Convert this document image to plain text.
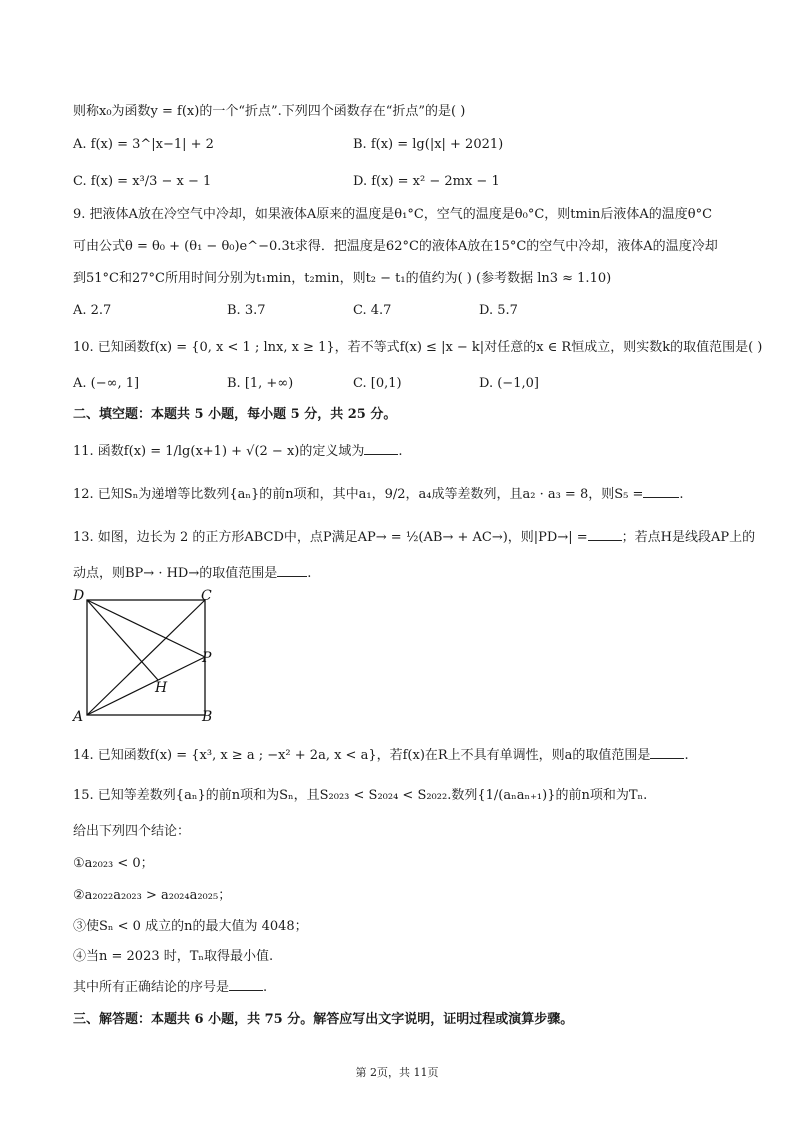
则称x₀为函数y = f(x)的一个“折点”.下列四个函数存在“折点”的是( )
A. f(x) = 3^|x−1| + 2	B. f(x) = lg(|x| + 2021)
C. f(x) = x³/3 − x − 1	D. f(x) = x² − 2mx − 1
9. 把液体A放在冷空气中冷却，如果液体A原来的温度是θ₁°C，空气的温度是θ₀°C，则tmin后液体A的温度θ°C
可由公式θ = θ₀ + (θ₁ − θ₀)e^−0.3t求得．把温度是62°C的液体A放在15°C的空气中冷却，液体A的温度冷却
到51°C和27°C所用时间分别为t₁min，t₂min，则t₂ − t₁的值约为( ) (参考数据 ln3 ≈ 1.10)
A. 2.7	B. 3.7	C. 4.7	D. 5.7
10. 已知函数f(x) = {0, x < 1 ; lnx, x ≥ 1}，若不等式f(x) ≤ |x − k|对任意的x ∈ R恒成立，则实数k的取值范围是( )
A. (−∞, 1]	B. [1, +∞)	C. [0,1)	D. (−1,0]
二、填空题：本题共 5 小题，每小题 5 分，共 25 分。
11. 函数f(x) = 1/lg(x+1) + √(2 − x)的定义域为	.
12. 已知Sₙ为递增等比数列{aₙ}的前n项和，其中a₁，9/2，a₄成等差数列，且a₂ · a₃ = 8，则S₅ =	.
13. 如图，边长为 2 的正方形ABCD中，点P满足AP→ = ½(AB→ + AC→)，则|PD→| =	；若点H是线段AP上的
动点，则BP→ · HD→的取值范围是 .
D	C
P
H
A	B
14. 已知函数f(x) = {x³, x ≥ a ; −x² + 2a, x < a}，若f(x)在R上不具有单调性，则a的取值范围是	.
15. 已知等差数列{aₙ}的前n项和为Sₙ，且S₂₀₂₃ < S₂₀₂₄ < S₂₀₂₂.数列{1/(aₙaₙ₊₁)}的前n项和为Tₙ.
给出下列四个结论：
①a₂₀₂₃ < 0；
②a₂₀₂₂a₂₀₂₃ > a₂₀₂₄a₂₀₂₅；
③使Sₙ < 0 成立的n的最大值为 4048；
④当n = 2023 时，Tₙ取得最小值.
其中所有正确结论的序号是	.
三、解答题：本题共 6 小题，共 75 分。解答应写出文字说明，证明过程或演算步骤。
第 2页，共 11页
